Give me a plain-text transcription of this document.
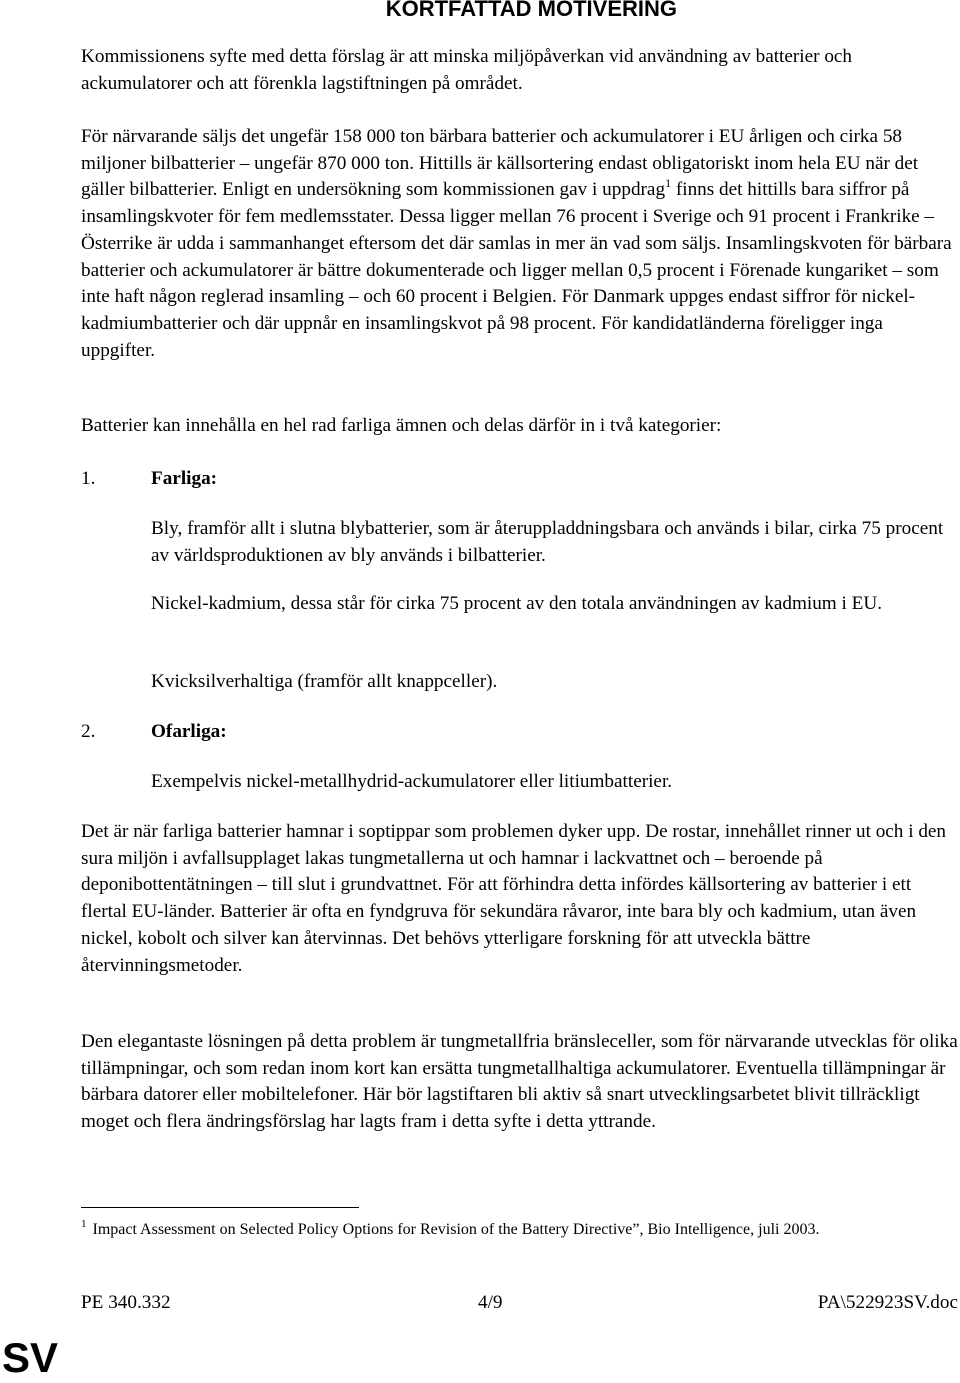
KORTFATTAD MOTIVERING

Kommissionens syfte med detta förslag är att minska miljöpåverkan vid användning av batterier och ackumulatorer och att förenkla lagstiftningen på området.

För närvarande säljs det ungefär 158 000 ton bärbara batterier och ackumulatorer i EU årligen och cirka 58 miljoner bilbatterier – ungefär 870 000 ton. Hittills är källsortering endast obligatoriskt inom hela EU när det gäller bilbatterier. Enligt en undersökning som kommissionen gav i uppdrag$^1$ finns det hittills bara siffror på insamlingskvoter för fem medlemsstater. Dessa ligger mellan 76 procent i Sverige och 91 procent i Frankrike – Österrike är udda i sammanhanget eftersom det där samlas in mer än vad som säljs. Insamlingskvoten för bärbara batterier och ackumulatorer är bättre dokumenterade och ligger mellan 0,5 procent i Förenade kungariket – som inte haft någon reglerad insamling – och 60 procent i Belgien. För Danmark uppges endast siffror för nickel-kadmiumbatterier och där uppnår en insamlingskvot på 98 procent. För kandidatländerna föreligger inga uppgifter.

Batterier kan innehålla en hel rad farliga ämnen och delas därför in i två kategorier:

1.	Farliga:

Bly, framför allt i slutna blybatterier, som är återuppladdningsbara och används i bilar, cirka 75 procent av världsproduktionen av bly används i bilbatterier.

Nickel-kadmium, dessa står för cirka 75 procent av den totala användningen av kadmium i EU.

Kvicksilverhaltiga (framför allt knappceller).

2.	Ofarliga:

Exempelvis nickel-metallhydrid-ackumulatorer eller litiumbatterier.

Det är när farliga batterier hamnar i soptippar som problemen dyker upp. De rostar, innehållet rinner ut och i den sura miljön i avfallsupplaget lakas tungmetallerna ut och hamnar i lackvattnet och – beroende på deponibottentätningen – till slut i grundvattnet. För att förhindra detta infördes källsortering av batterier i ett flertal EU-länder. Batterier är ofta en fyndgruva för sekundära råvaror, inte bara bly och kadmium, utan även nickel, kobolt och silver kan återvinnas. Det behövs ytterligare forskning för att utveckla bättre återvinningsmetoder.

Den elegantaste lösningen på detta problem är tungmetallfria bränsleceller, som för närvarande utvecklas för olika tillämpningar, och som redan inom kort kan ersätta tungmetallhaltiga ackumulatorer. Eventuella tillämpningar är bärbara datorer eller mobiltelefoner. Här bör lagstiftaren bli aktiv så snart utvecklingsarbetet blivit tillräckligt moget och flera ändringsförslag har lagts fram i detta syfte i detta yttrande.

$^1$ Impact Assessment on Selected Policy Options for Revision of the Battery Directive”, Bio Intelligence, juli 2003.

PE 340.332	4/9	PA\522923SV.doc
SV
